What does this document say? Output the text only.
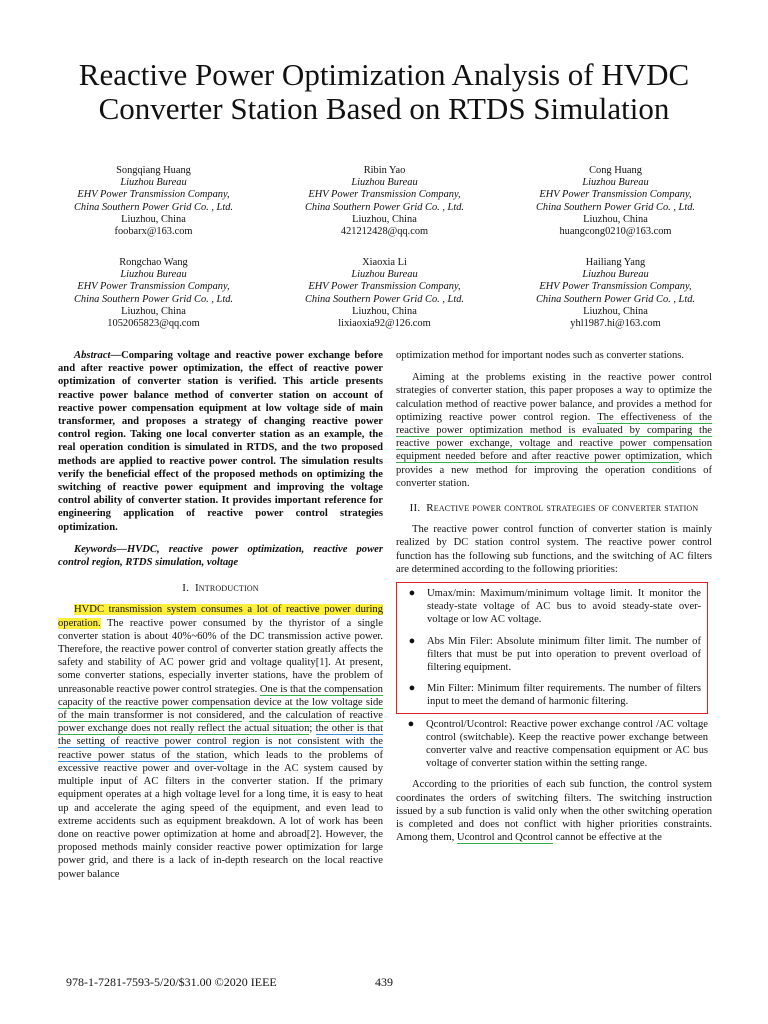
Reactive Power Optimization Analysis of HVDC
Converter Station Based on RTDS Simulation
Songqiang Huang
Liuzhou Bureau
EHV Power Transmission Company,
China Southern Power Grid Co. , Ltd.
Liuzhou, China
foobarx@163.com
Ribin Yao
Liuzhou Bureau
EHV Power Transmission Company,
China Southern Power Grid Co. , Ltd.
Liuzhou, China
421212428@qq.com
Cong Huang
Liuzhou Bureau
EHV Power Transmission Company,
China Southern Power Grid Co. , Ltd.
Liuzhou, China
huangcong0210@163.com
Rongchao Wang
Liuzhou Bureau
EHV Power Transmission Company,
China Southern Power Grid Co. , Ltd.
Liuzhou, China
1052065823@qq.com
Xiaoxia Li
Liuzhou Bureau
EHV Power Transmission Company,
China Southern Power Grid Co. , Ltd.
Liuzhou, China
lixiaoxia92@126.com
Hailiang Yang
Liuzhou Bureau
EHV Power Transmission Company,
China Southern Power Grid Co. , Ltd.
Liuzhou, China
yhl1987.hi@163.com

Abstract—Comparing voltage and reactive power exchange before and after reactive power optimization, the effect of reactive power optimization of converter station is verified. This article presents reactive power balance method of converter station on account of reactive power compensation equipment at low voltage side of main transformer, and proposes a strategy of changing reactive power control region. Taking one local converter station as an example, the real operation condition is simulated in RTDS, and the two proposed methods are applied to reactive power control. The simulation results verify the beneficial effect of the proposed methods on optimizing the switching of reactive power equipment and improving the voltage control ability of converter station. It provides important reference for engineering application of reactive power control strategies optimization.

Keywords—HVDC, reactive power optimization, reactive power control region, RTDS simulation, voltage

I. Introduction

HVDC transmission system consumes a lot of reactive power during operation. The reactive power consumed by the thyristor of a single converter station is about 40%~60% of the DC transmission active power. Therefore, the reactive power control of converter station greatly affects the safety and stability of AC power grid and voltage quality[1]. At present, some converter stations, especially inverter stations, have the problem of unreasonable reactive power control strategies. One is that the compensation capacity of the reactive power compensation device at the low voltage side of the main transformer is not considered, and the calculation of reactive power exchange does not really reflect the actual situation; the other is that the setting of reactive power control region is not consistent with the reactive power status of the station, which leads to the problems of excessive reactive power and over-voltage in the AC system caused by multiple input of AC filters in the converter station. If the primary equipment operates at a high voltage level for a long time, it is easy to heat up and accelerate the aging speed of the equipment, and even lead to extreme accidents such as equipment breakdown. A lot of work has been done on reactive power optimization at home and abroad[2]. However, the proposed methods mainly consider reactive power optimization for large power grid, and there is a lack of in-depth research on the local reactive power balance

optimization method for important nodes such as converter stations.

Aiming at the problems existing in the reactive power control strategies of converter station, this paper proposes a way to optimize the calculation method of reactive power balance, and provides a method for optimizing reactive power control region. The effectiveness of the reactive power optimization method is evaluated by comparing the reactive power exchange, voltage and reactive power compensation equipment needed before and after reactive power optimization, which provides a new method for improving the operation conditions of converter station.

II. Reactive power control strategies of converter station

The reactive power control function of converter station is mainly realized by DC station control system. The reactive power control function has the following sub functions, and the switching of AC filters are determined according to the following priorities:

●	Umax/min: Maximum/minimum voltage limit. It monitor the steady-state voltage of AC bus to avoid steady-state over-voltage or low AC voltage.
●	Abs Min Filer: Absolute minimum filter limit. The number of filters that must be put into operation to prevent overload of filtering equipment.
●	Min Filter: Minimum filter requirements. The number of filters input to meet the demand of harmonic filtering.
●	Qcontrol/Ucontrol: Reactive power exchange control /AC voltage control (switchable). Keep the reactive power exchange between converter valve and reactive compensation equipment or AC bus voltage of converter station within the setting range.

According to the priorities of each sub function, the control system coordinates the orders of switching filters. The switching instruction issued by a sub function is valid only when the other switching operation is completed and does not conflict with higher priorities constraints. Among them, Ucontrol and Qcontrol cannot be effective at the

978-1-7281-7593-5/20/$31.00 ©2020 IEEE	439
